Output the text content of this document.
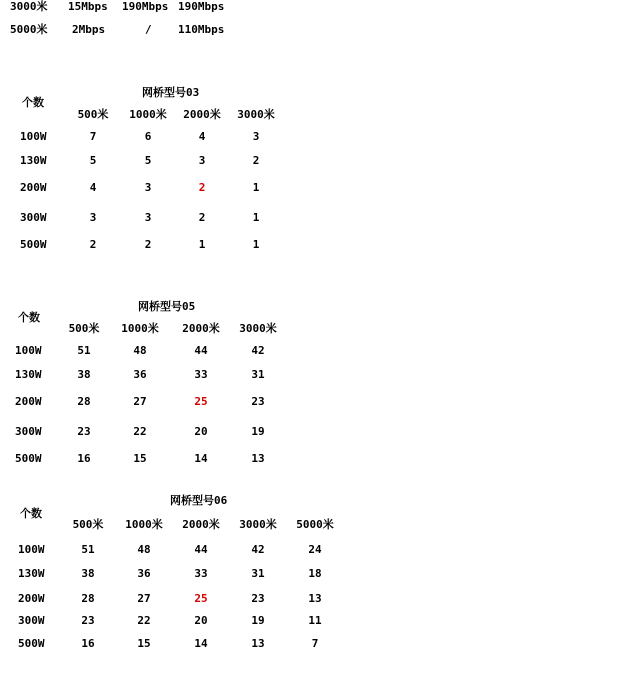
3000米 15Mbps 190Mbps 190Mbps
5000米 2Mbps	/ 110Mbps
网桥型号03
个数
500米 1000米 2000米 3000米
100W	7	6	4	3
130W	5	5	3	2
200W	4	3	2	1
300W	3	3	2	1
500W	2	2	1	1
网桥型号05
个数
500米 1000米 2000米 3000米
100W	51	48	44	42
130W	38	36	33	31
200W	28	27	25	23
300W	23	22	20	19
500W	16	15	14	13
网桥型号06
个数
500米 1000米 2000米 3000米 5000米
100W	51	48	44	42	24
130W	38	36	33	31	18
200W	28	27	25	23	13
300W	23	22	20	19	11
500W	16	15	14	13	7
